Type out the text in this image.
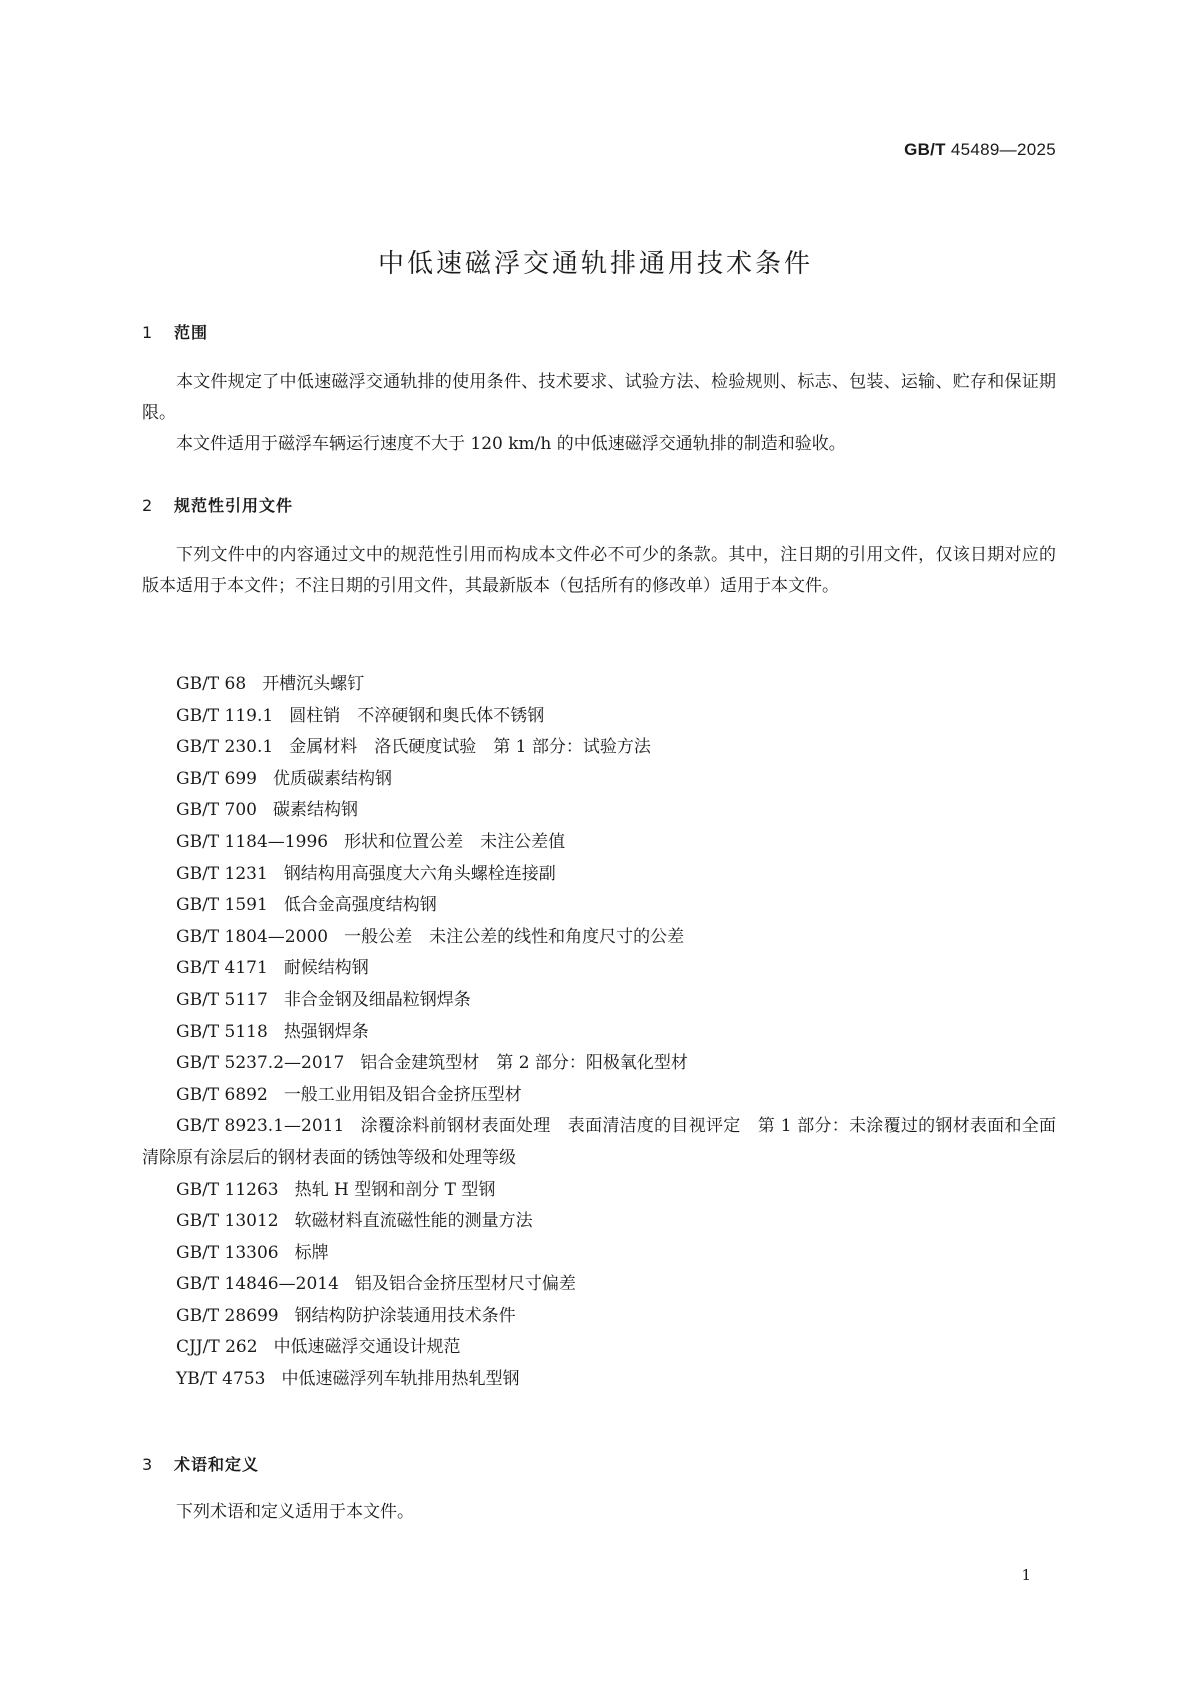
GB/T 45489—2025
中低速磁浮交通轨排通用技术条件
1 范围
本文件规定了中低速磁浮交通轨排的使用条件、技术要求、试验方法、检验规则、标志、包装、运输、贮存和保证期限。
本文件适用于磁浮车辆运行速度不大于 120 km/h 的中低速磁浮交通轨排的制造和验收。
2 规范性引用文件
下列文件中的内容通过文中的规范性引用而构成本文件必不可少的条款。其中，注日期的引用文件，仅该日期对应的版本适用于本文件；不注日期的引用文件，其最新版本（包括所有的修改单）适用于本文件。
GB/T 68 开槽沉头螺钉
GB/T 119.1 圆柱销　不淬硬钢和奥氏体不锈钢
GB/T 230.1 金属材料　洛氏硬度试验　第 1 部分：试验方法
GB/T 699 优质碳素结构钢
GB/T 700 碳素结构钢
GB/T 1184—1996 形状和位置公差　未注公差值
GB/T 1231 钢结构用高强度大六角头螺栓连接副
GB/T 1591 低合金高强度结构钢
GB/T 1804—2000 一般公差　未注公差的线性和角度尺寸的公差
GB/T 4171 耐候结构钢
GB/T 5117 非合金钢及细晶粒钢焊条
GB/T 5118 热强钢焊条
GB/T 5237.2—2017 铝合金建筑型材　第 2 部分：阳极氧化型材
GB/T 6892 一般工业用铝及铝合金挤压型材
GB/T 8923.1—2011 涂覆涂料前钢材表面处理　表面清洁度的目视评定　第 1 部分：未涂覆过的钢材表面和全面清除原有涂层后的钢材表面的锈蚀等级和处理等级
GB/T 11263 热轧 H 型钢和剖分 T 型钢
GB/T 13012 软磁材料直流磁性能的测量方法
GB/T 13306 标牌
GB/T 14846—2014 铝及铝合金挤压型材尺寸偏差
GB/T 28699 钢结构防护涂装通用技术条件
CJJ/T 262 中低速磁浮交通设计规范
YB/T 4753 中低速磁浮列车轨排用热轧型钢
3 术语和定义
下列术语和定义适用于本文件。
1
